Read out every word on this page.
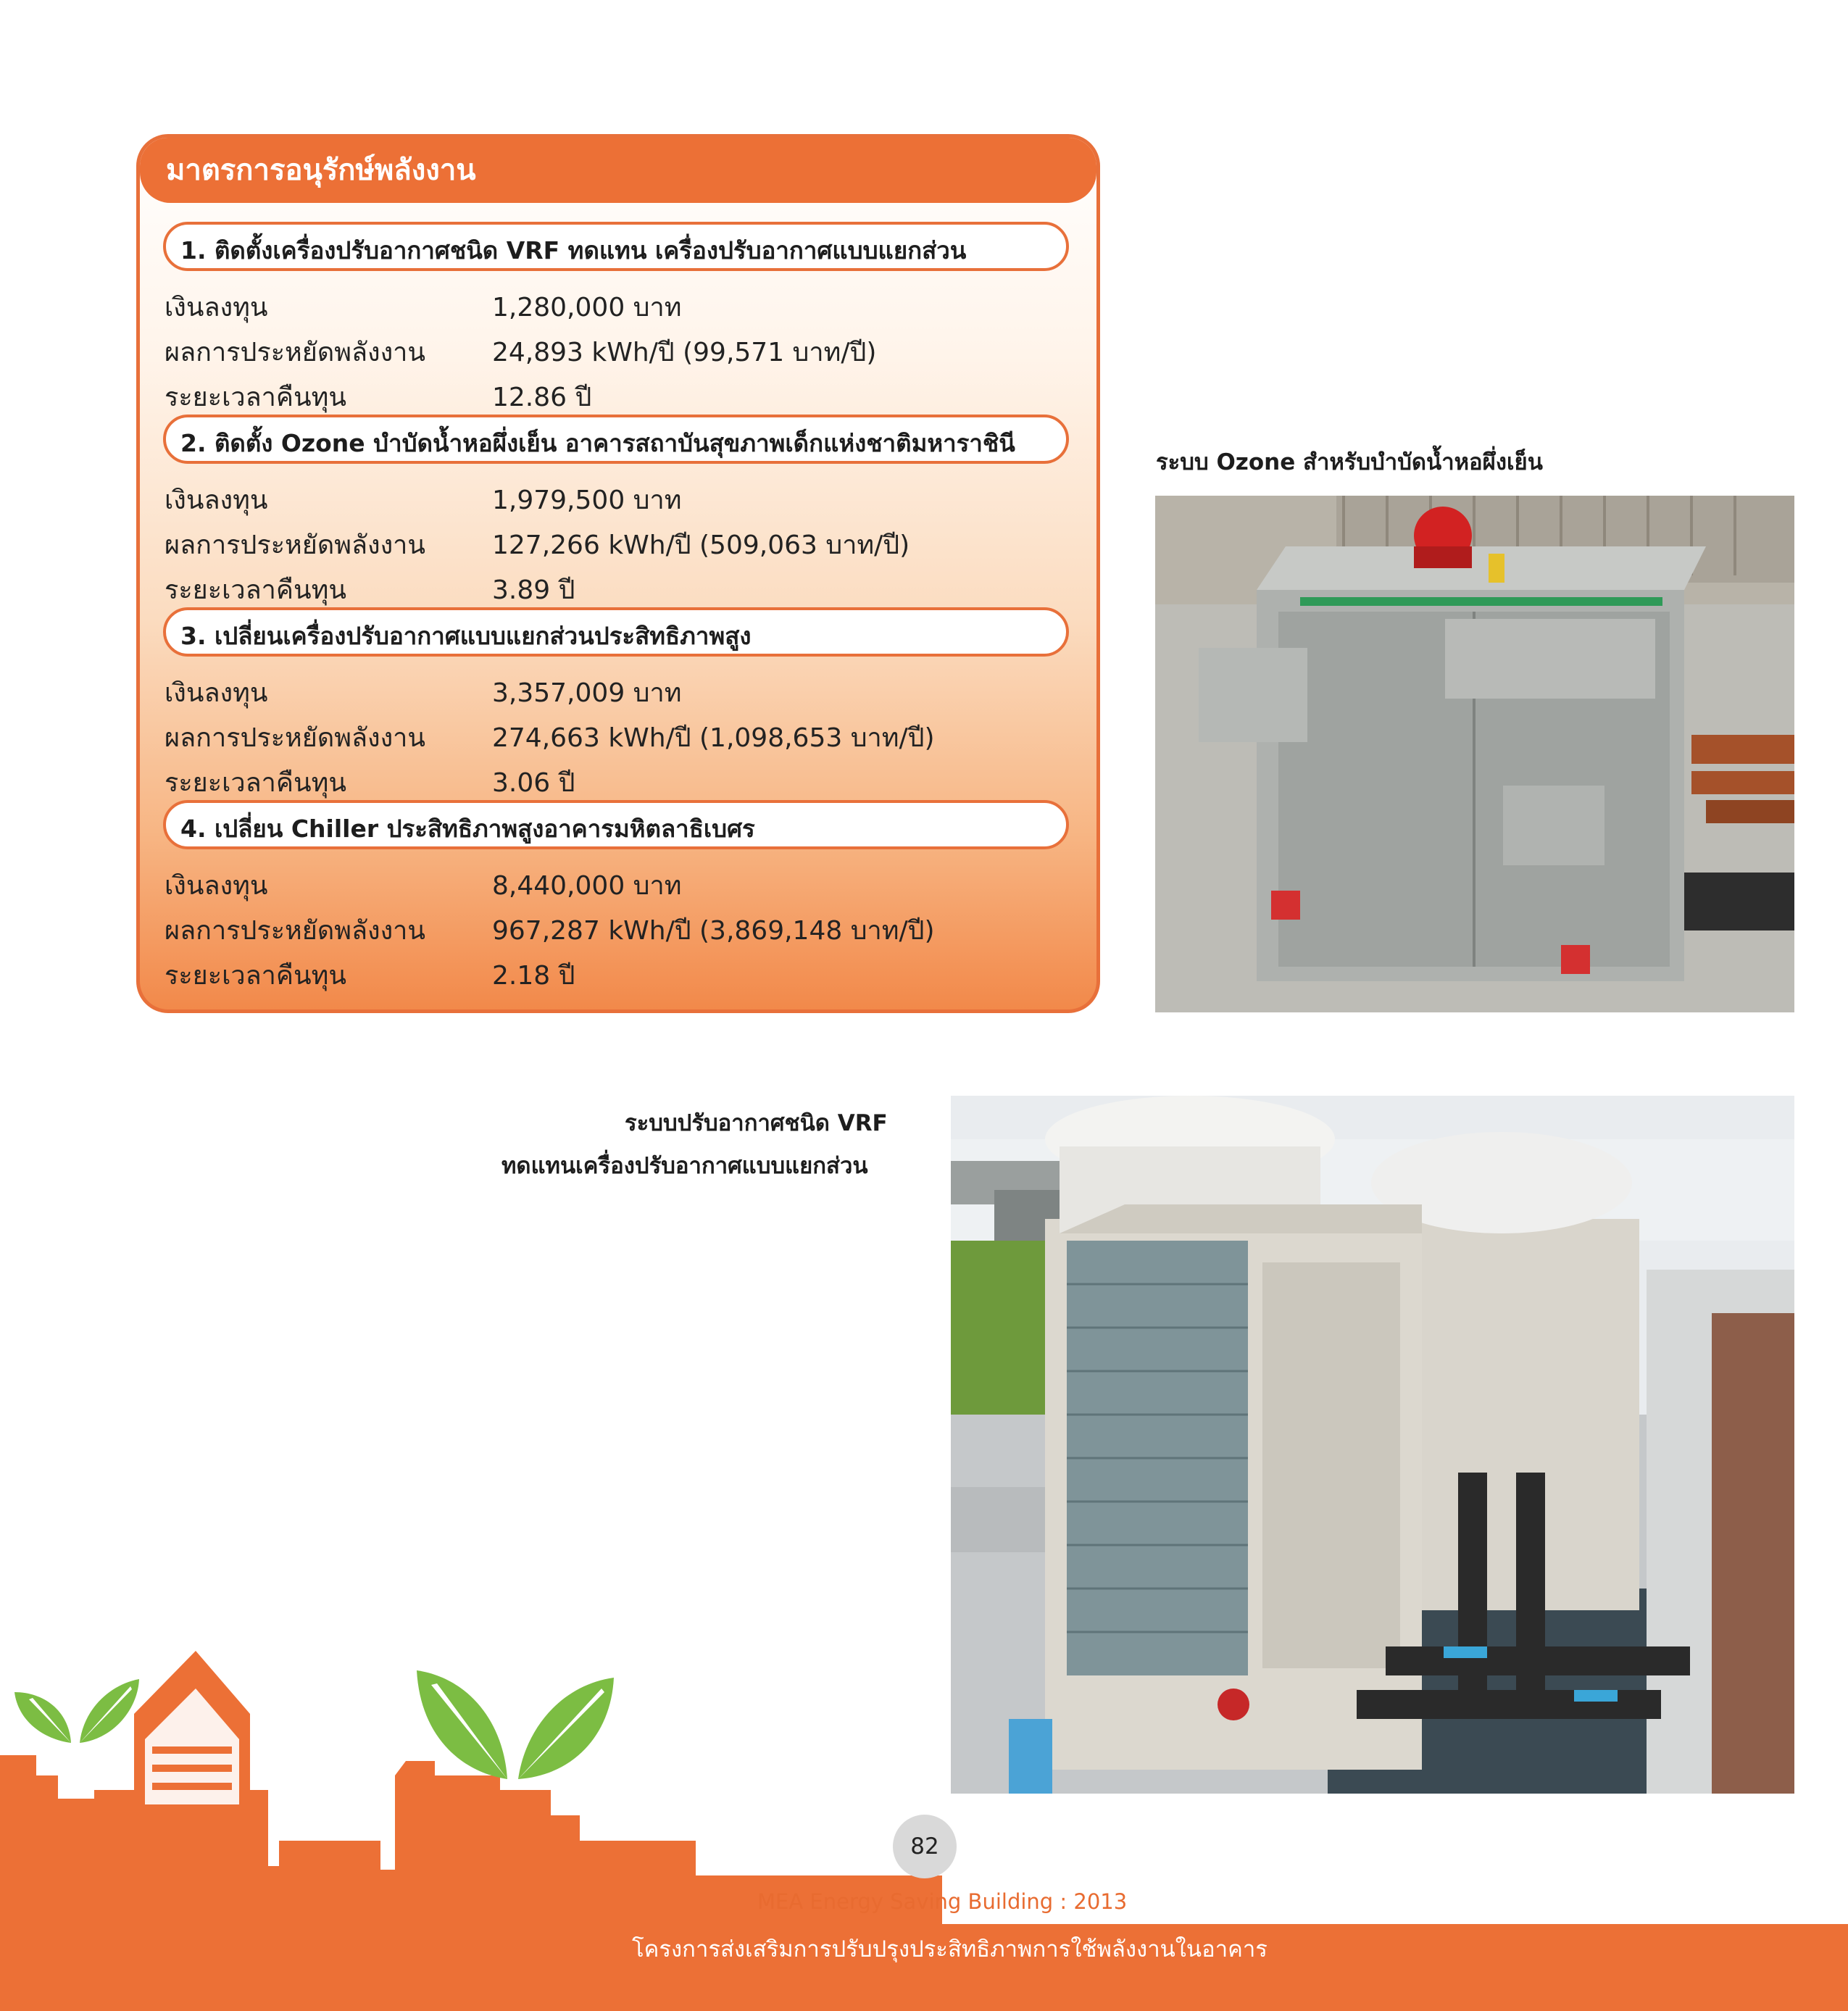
มาตรการอนุรักษ์พลังงาน
1. ติดตั้งเครื่องปรับอากาศชนิด VRF ทดแทน เครื่องปรับอากาศแบบแยกส่วน
เงินลงทุน	1,280,000 บาท
ผลการประหยัดพลังงาน	24,893 kWh/ปี (99,571 บาท/ปี)
ระยะเวลาคืนทุน	12.86 ปี
2. ติดตั้ง Ozone บำบัดน้ำหอผึ่งเย็น อาคารสถาบันสุขภาพเด็กแห่งชาติมหาราชินี
เงินลงทุน	1,979,500 บาท
ผลการประหยัดพลังงาน	127,266 kWh/ปี (509,063 บาท/ปี)
ระยะเวลาคืนทุน	3.89 ปี
3. เปลี่ยนเครื่องปรับอากาศแบบแยกส่วนประสิทธิภาพสูง
เงินลงทุน	3,357,009 บาท
ผลการประหยัดพลังงาน	274,663 kWh/ปี (1,098,653 บาท/ปี)
ระยะเวลาคืนทุน	3.06 ปี
4. เปลี่ยน Chiller ประสิทธิภาพสูงอาคารมหิตลาธิเบศร
เงินลงทุน	8,440,000 บาท
ผลการประหยัดพลังงาน	967,287 kWh/ปี (3,869,148 บาท/ปี)
ระยะเวลาคืนทุน	2.18 ปี
ระบบ Ozone สำหรับบำบัดน้ำหอผึ่งเย็น
ระบบปรับอากาศชนิด VRF
ทดแทนเครื่องปรับอากาศแบบแยกส่วน
82
MEA Energy Saving Building : 2013
โครงการส่งเสริมการปรับปรุงประสิทธิภาพการใช้พลังงานในอาคาร
